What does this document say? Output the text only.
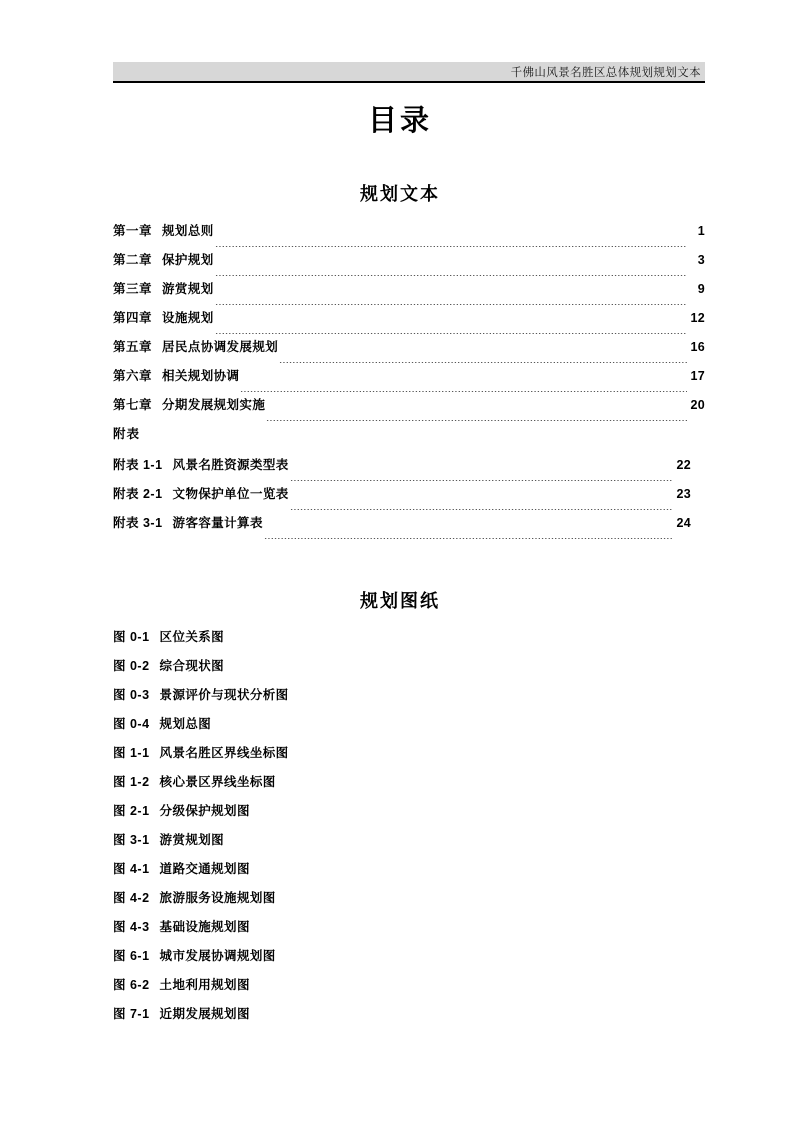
千佛山风景名胜区总体规划规划文本
目录
规划文本
第一章 规划总则	1
第二章 保护规划	3
第三章 游赏规划	9
第四章 设施规划	12
第五章 居民点协调发展规划	16
第六章 相关规划协调	17
第七章 分期发展规划实施	20
附表
规划图纸
附表 1-1 风景名胜资源类型表	22
附表 2-1 文物保护单位一览表	23
附表 3-1 游客容量计算表	24
图 0-1 区位关系图
图 0-2 综合现状图
图 0-3 景源评价与现状分析图
图 0-4 规划总图
图 1-1 风景名胜区界线坐标图
图 1-2 核心景区界线坐标图
图 2-1 分级保护规划图
图 3-1 游赏规划图
图 4-1 道路交通规划图
图 4-2 旅游服务设施规划图
图 4-3 基础设施规划图
图 6-1 城市发展协调规划图
图 6-2 土地利用规划图
图 7-1 近期发展规划图
